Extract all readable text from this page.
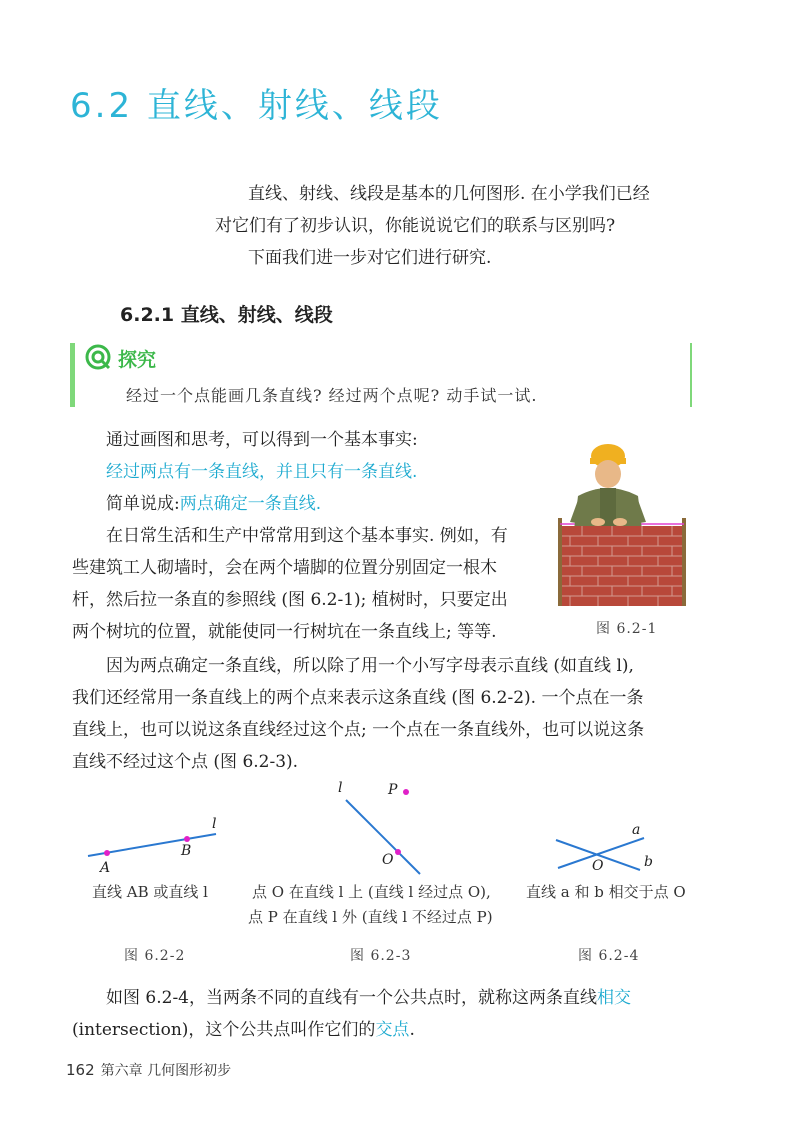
6.2 直线、射线、线段
直线、射线、线段是基本的几何图形. 在小学我们已经
对它们有了初步认识，你能说说它们的联系与区别吗?
下面我们进一步对它们进行研究.
6.2.1 直线、射线、线段
探究
经过一个点能画几条直线? 经过两个点呢? 动手试一试.
通过画图和思考，可以得到一个基本事实:
经过两点有一条直线，并且只有一条直线.
简单说成:两点确定一条直线.
在日常生活和生产中常常用到这个基本事实. 例如，有
些建筑工人砌墙时，会在两个墙脚的位置分别固定一根木
杆，然后拉一条直的参照线 (图 6.2-1); 植树时，只要定出
两个树坑的位置，就能使同一行树坑在一条直线上; 等等.	图 6.2-1
因为两点确定一条直线，所以除了用一个小写字母表示直线 (如直线 l),
我们还经常用一条直线上的两个点来表示这条直线 (图 6.2-2). 一个点在一条
直线上，也可以说这条直线经过这个点; 一个点在一条直线外，也可以说这条
直线不经过这个点 (图 6.2-3).
A
B
l
直线 AB 或直线 l
图 6.2-2
l	P
O
点 O 在直线 l 上 (直线 l 经过点 O),
点 P 在直线 l 外 (直线 l 不经过点 P)
图 6.2-3
a
b
O
直线 a 和 b 相交于点 O
图 6.2-4
如图 6.2-4，当两条不同的直线有一个公共点时，就称这两条直线相交
(intersection)，这个公共点叫作它们的交点.
162 第六章 几何图形初步
